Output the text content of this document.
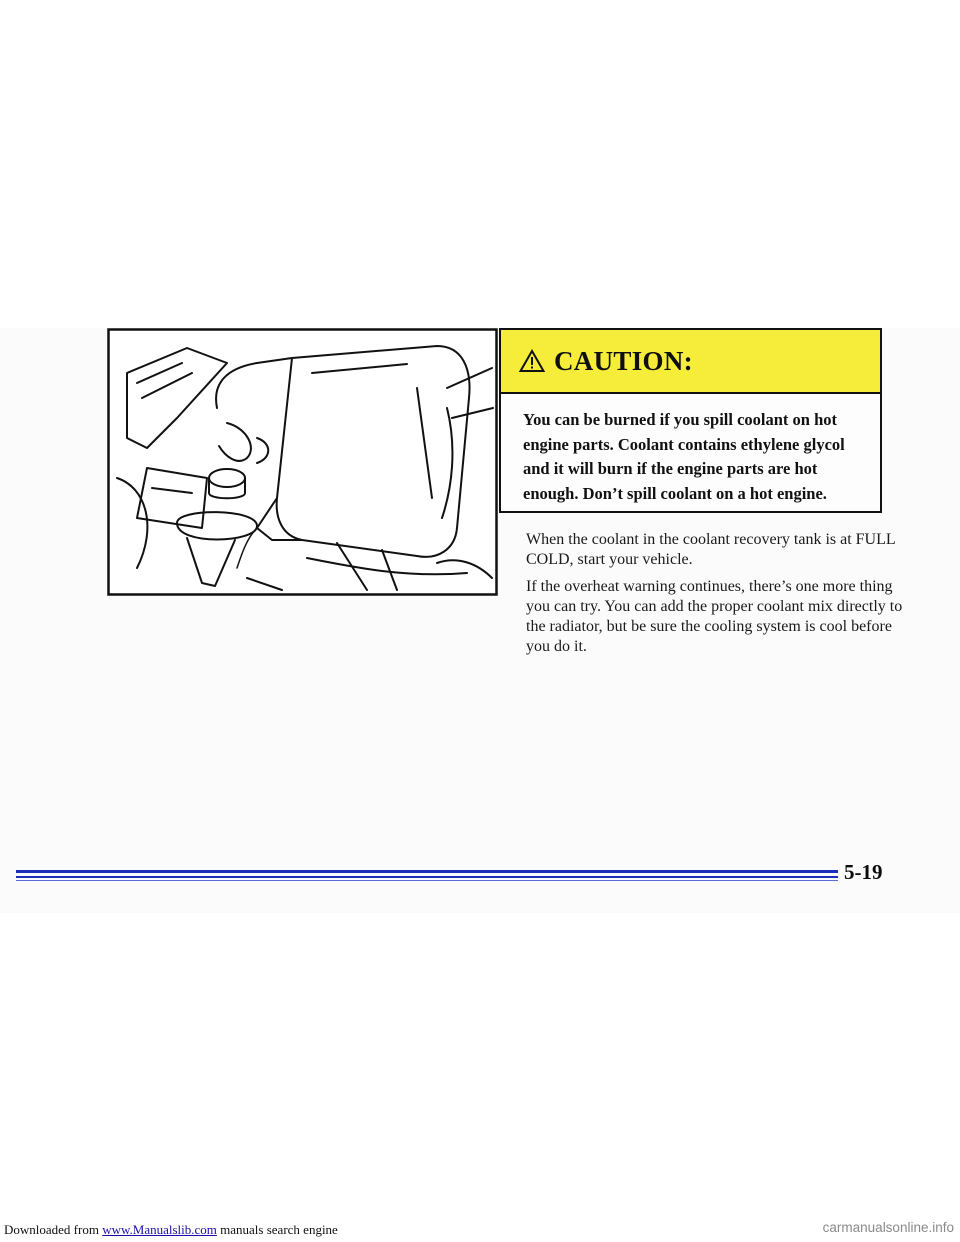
CAUTION:
You can be burned if you spill coolant on hot
engine parts. Coolant contains ethylene glycol
and it will burn if the engine parts are hot
enough. Don’t spill coolant on a hot engine.

When the coolant in the coolant recovery tank is at FULL COLD, start your vehicle.

If the overheat warning continues, there’s one more thing you can try. You can add the proper coolant mix directly to the radiator, but be sure the cooling system is cool before you do it.

5-19
Downloaded from www.Manualslib.com manuals search engine	carmanualsonline.info
